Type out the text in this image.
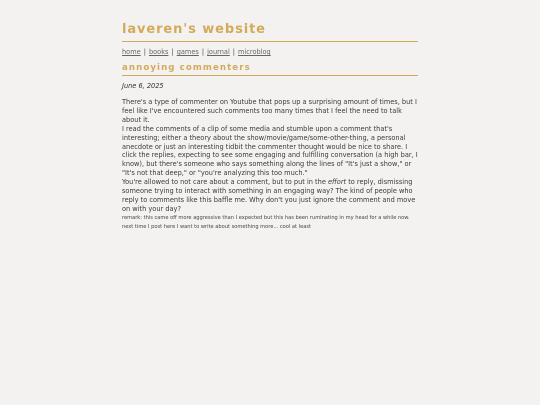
laveren's website
home | books | games | journal | microblog
annoying commenters
June 6, 2025

There's a type of commenter on Youtube that pops up a surprising amount of times, but I feel like I've encountered such comments too many times that I feel the need to talk about it.

I read the comments of a clip of some media and stumble upon a comment that's interesting; either a theory about the show/movie/game/some-other-thing, a personal anecdote or just an interesting tidbit the commenter thought would be nice to share. I click the replies, expecting to see some engaging and fulfilling conversation (a high bar, I know), but there's someone who says something along the lines of "It's just a show," or "It's not that deep," or "you're analyzing this too much."

You're allowed to not care about a comment, but to put in the effort to reply, dismissing someone trying to interact with something in an engaging way? The kind of people who reply to comments like this baffle me. Why don't you just ignore the comment and move on with your day?

remark: this came off more aggressive than I expected but this has been ruminating in my head for a while now. next time I post here I want to write about something more... cool at least
